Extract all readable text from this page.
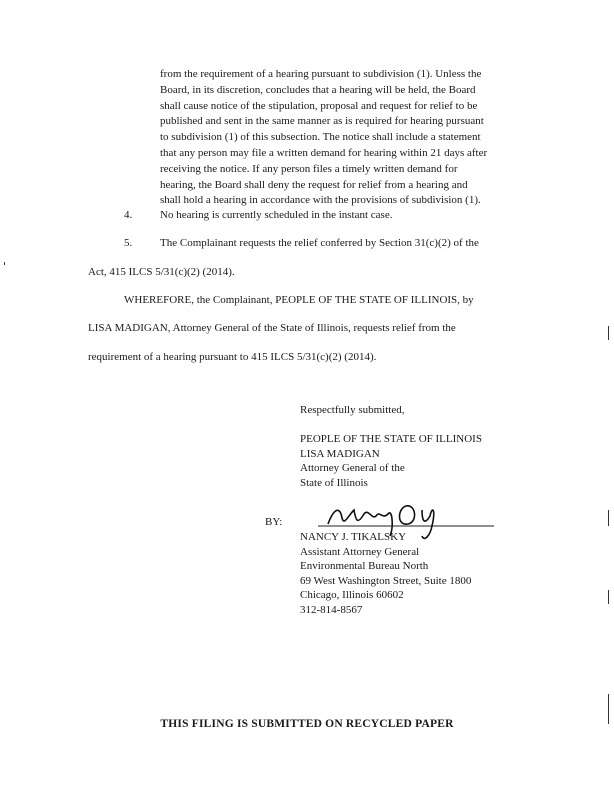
from the requirement of a hearing pursuant to subdivision (1). Unless the
Board, in its discretion, concludes that a hearing will be held, the Board
shall cause notice of the stipulation, proposal and request for relief to be
published and sent in the same manner as is required for hearing pursuant
to subdivision (1) of this subsection. The notice shall include a statement
that any person may file a written demand for hearing within 21 days after
receiving the notice. If any person files a timely written demand for
hearing, the Board shall deny the request for relief from a hearing and
shall hold a hearing in accordance with the provisions of subdivision (1).
4.	No hearing is currently scheduled in the instant case.
5.	The Complainant requests the relief conferred by Section 31(c)(2) of the
Act, 415 ILCS 5/31(c)(2) (2014).
WHEREFORE, the Complainant, PEOPLE OF THE STATE OF ILLINOIS, by
LISA MADIGAN, Attorney General of the State of Illinois, requests relief from the
requirement of a hearing pursuant to 415 ILCS 5/31(c)(2) (2014).
Respectfully submitted,
PEOPLE OF THE STATE OF ILLINOIS
LISA MADIGAN
Attorney General of the
State of Illinois
BY:
NANCY J. TIKALSKY
Assistant Attorney General
Environmental Bureau North
69 West Washington Street, Suite 1800
Chicago, Illinois 60602
312-814-8567
THIS FILING IS SUBMITTED ON RECYCLED PAPER
